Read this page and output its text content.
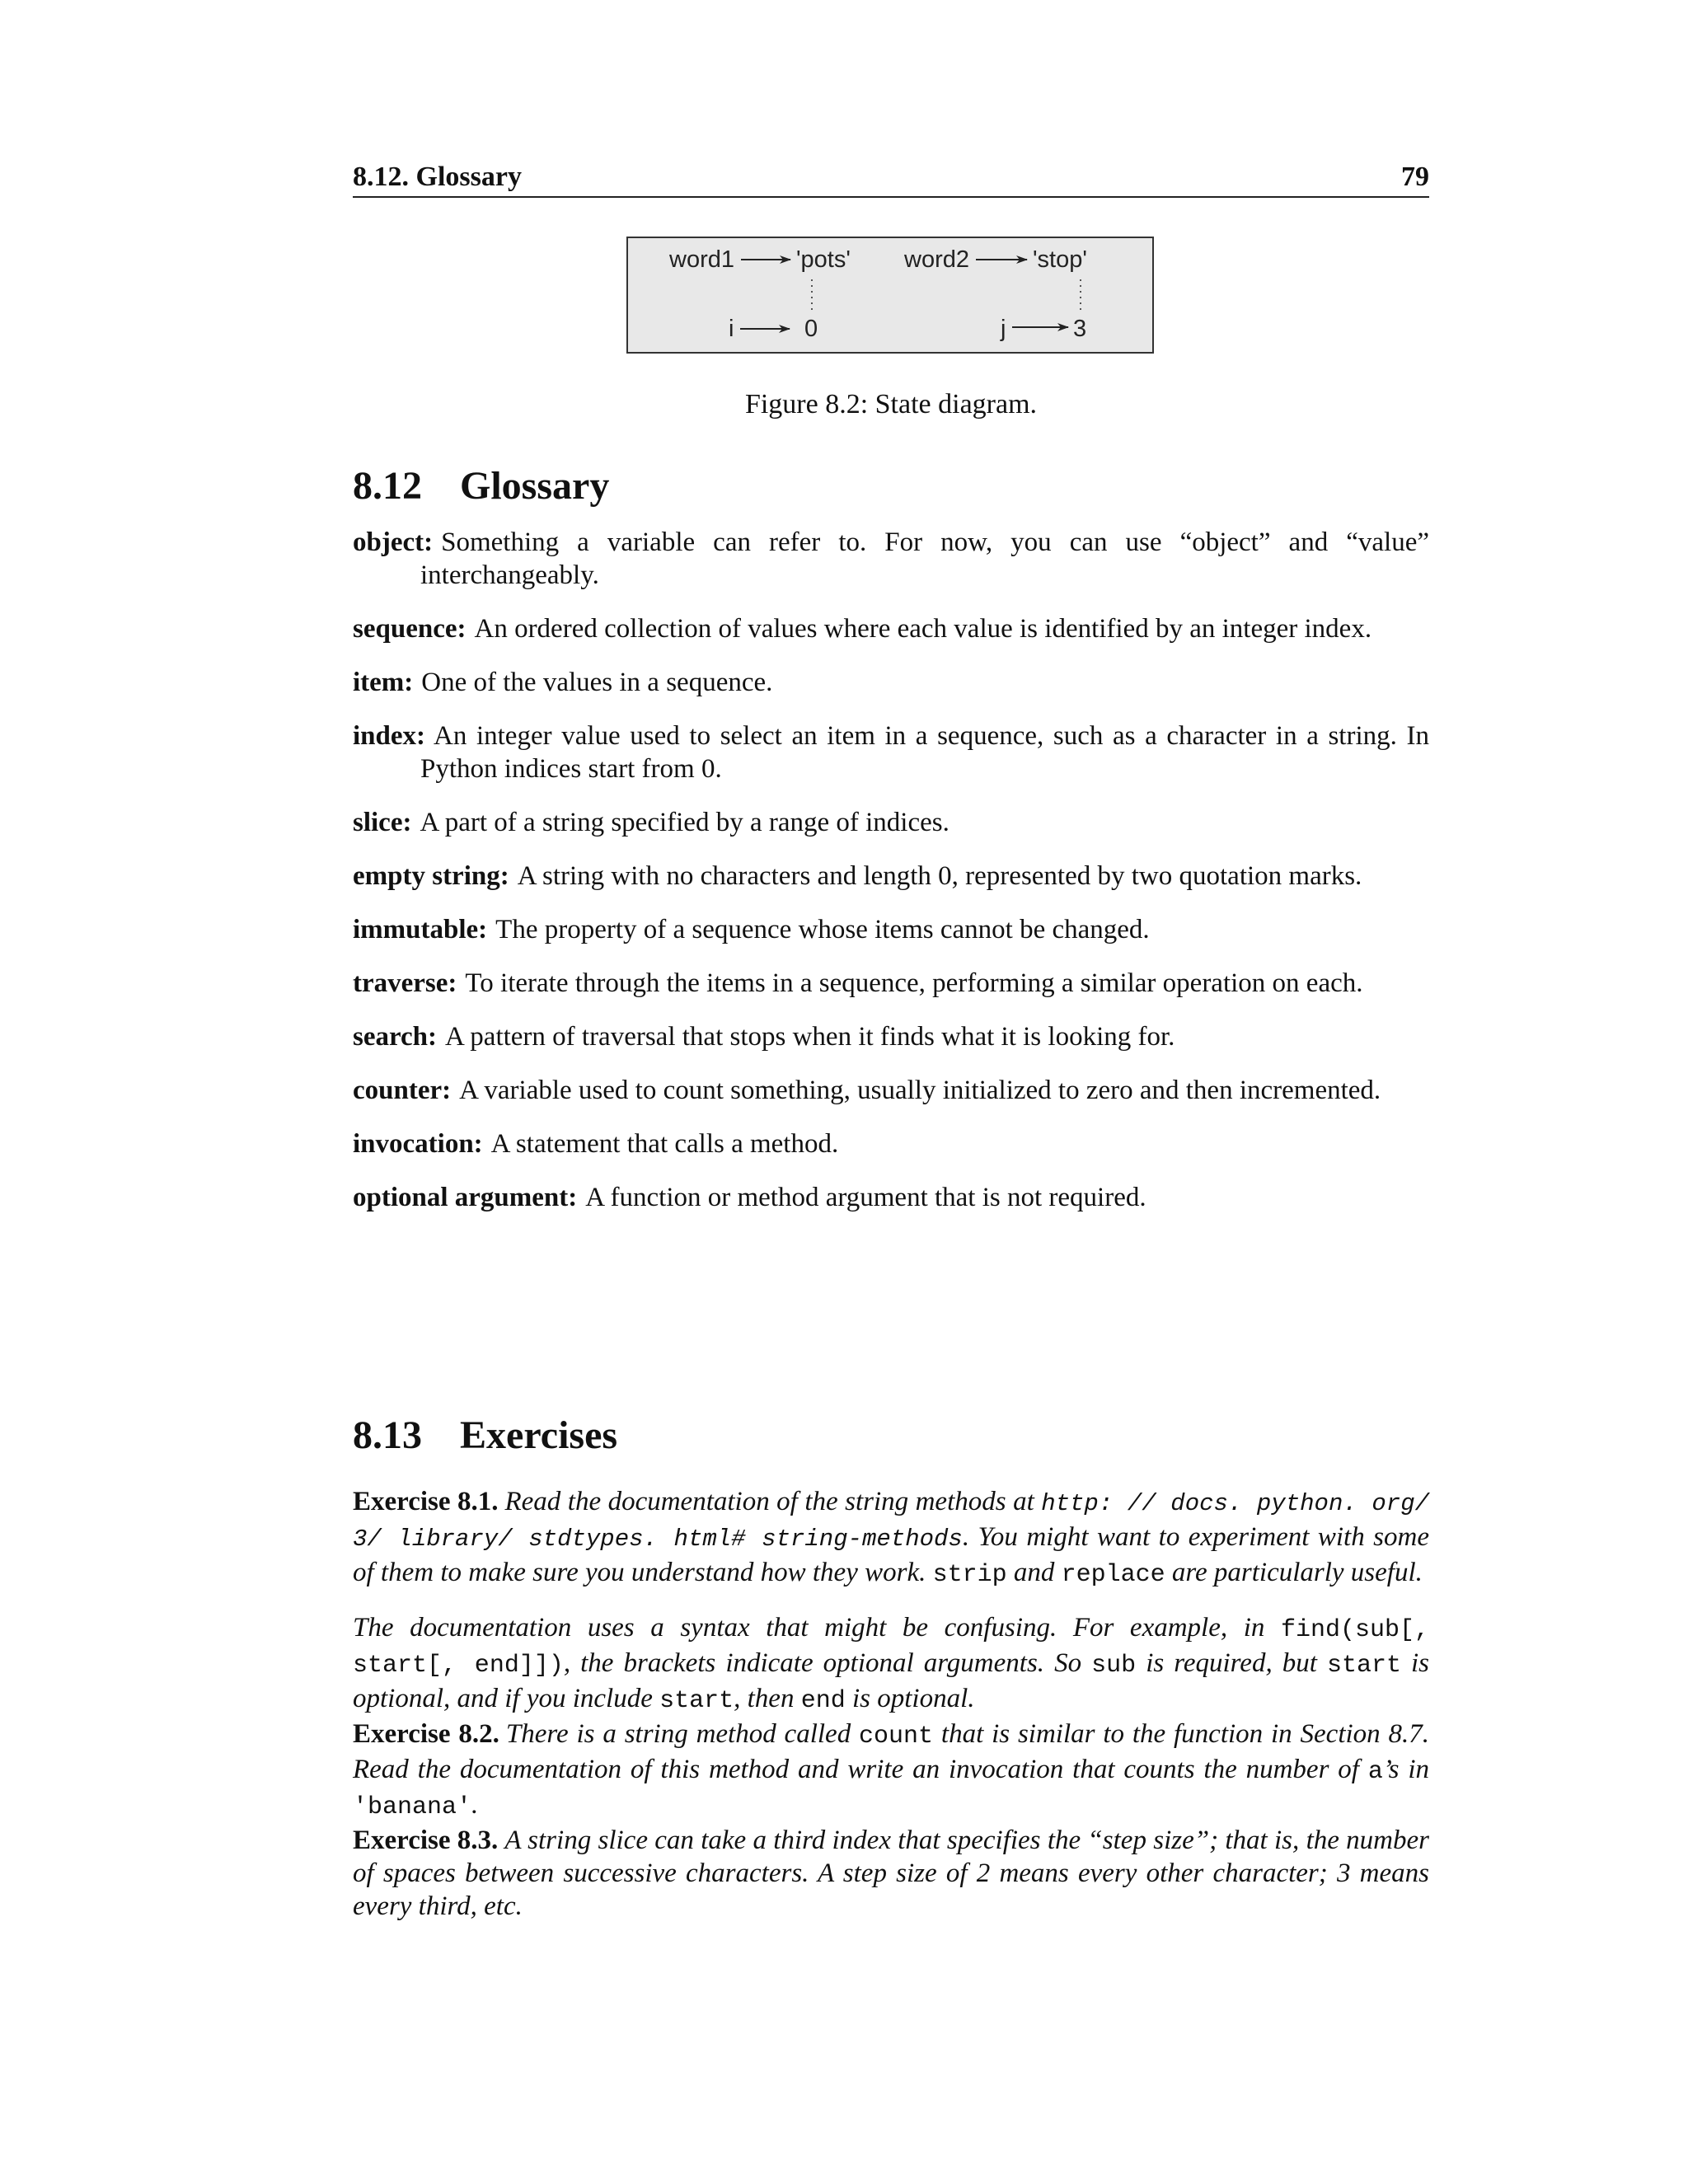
8.12. Glossary	79
word1	'pots' word2	'stop'
i	0	j	3
Figure 8.2: State diagram.
8.12 Glossary

object: Something a variable can refer to. For now, you can use “object” and “value” interchangeably.

sequence: An ordered collection of values where each value is identified by an integer index.

item: One of the values in a sequence.

index: An integer value used to select an item in a sequence, such as a character in a string. In Python indices start from 0.

slice: A part of a string specified by a range of indices.

empty string: A string with no characters and length 0, represented by two quotation marks.

immutable: The property of a sequence whose items cannot be changed.

traverse: To iterate through the items in a sequence, performing a similar operation on each.

search: A pattern of traversal that stops when it finds what it is looking for.

counter: A variable used to count something, usually initialized to zero and then incremented.

invocation: A statement that calls a method.

optional argument: A function or method argument that is not required.

8.13 Exercises

Exercise 8.1. Read the documentation of the string methods at http: // docs. python. org/ 3/ library/ stdtypes. html# string-methods. You might want to experiment with some of them to make sure you understand how they work. strip and replace are particularly useful.

The documentation uses a syntax that might be confusing. For example, in find(sub[, start[, end]]), the brackets indicate optional arguments. So sub is required, but start is optional, and if you include start, then end is optional.

Exercise 8.2. There is a string method called count that is similar to the function in Section 8.7. Read the documentation of this method and write an invocation that counts the number of a’s in 'banana'.

Exercise 8.3. A string slice can take a third index that specifies the “step size”; that is, the number of spaces between successive characters. A step size of 2 means every other character; 3 means every third, etc.
